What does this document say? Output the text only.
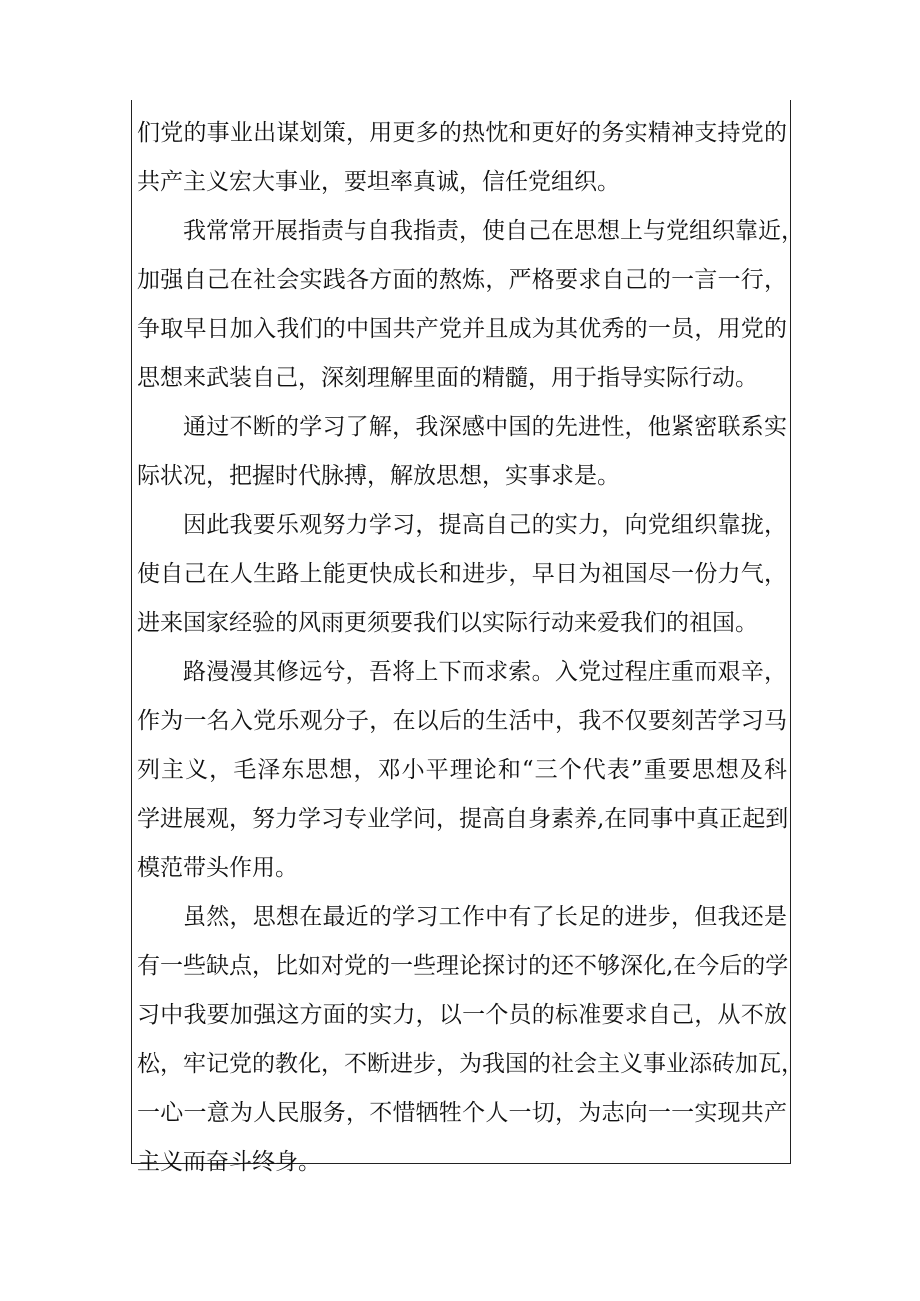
们党的事业出谋划策，用更多的热忱和更好的务实精神支持党的
共产主义宏大事业，要坦率真诚，信任党组织。
我常常开展指责与自我指责，使自己在思想上与党组织靠近，
加强自己在社会实践各方面的熬炼，严格要求自己的一言一行，
争取早日加入我们的中国共产党并且成为其优秀的一员，用党的
思想来武装自己，深刻理解里面的精髓，用于指导实际行动。
通过不断的学习了解，我深感中国的先进性，他紧密联系实
际状况，把握时代脉搏，解放思想，实事求是。
因此我要乐观努力学习，提高自己的实力，向党组织靠拢，
使自己在人生路上能更快成长和进步，早日为祖国尽一份力气，
进来国家经验的风雨更须要我们以实际行动来爱我们的祖国。
路漫漫其修远兮，吾将上下而求索。入党过程庄重而艰辛，
作为一名入党乐观分子，在以后的生活中，我不仅要刻苦学习马
列主义，毛泽东思想，邓小平理论和“三个代表”重要思想及科
学进展观，努力学习专业学问，提高自身素养,在同事中真正起到
模范带头作用。
虽然，思想在最近的学习工作中有了长足的进步，但我还是
有一些缺点，比如对党的一些理论探讨的还不够深化,在今后的学
习中我要加强这方面的实力，以一个员的标准要求自己，从不放
松，牢记党的教化，不断进步，为我国的社会主义事业添砖加瓦，
一心一意为人民服务，不惜牺牲个人一切，为志向一一实现共产
主义而奋斗终身。
